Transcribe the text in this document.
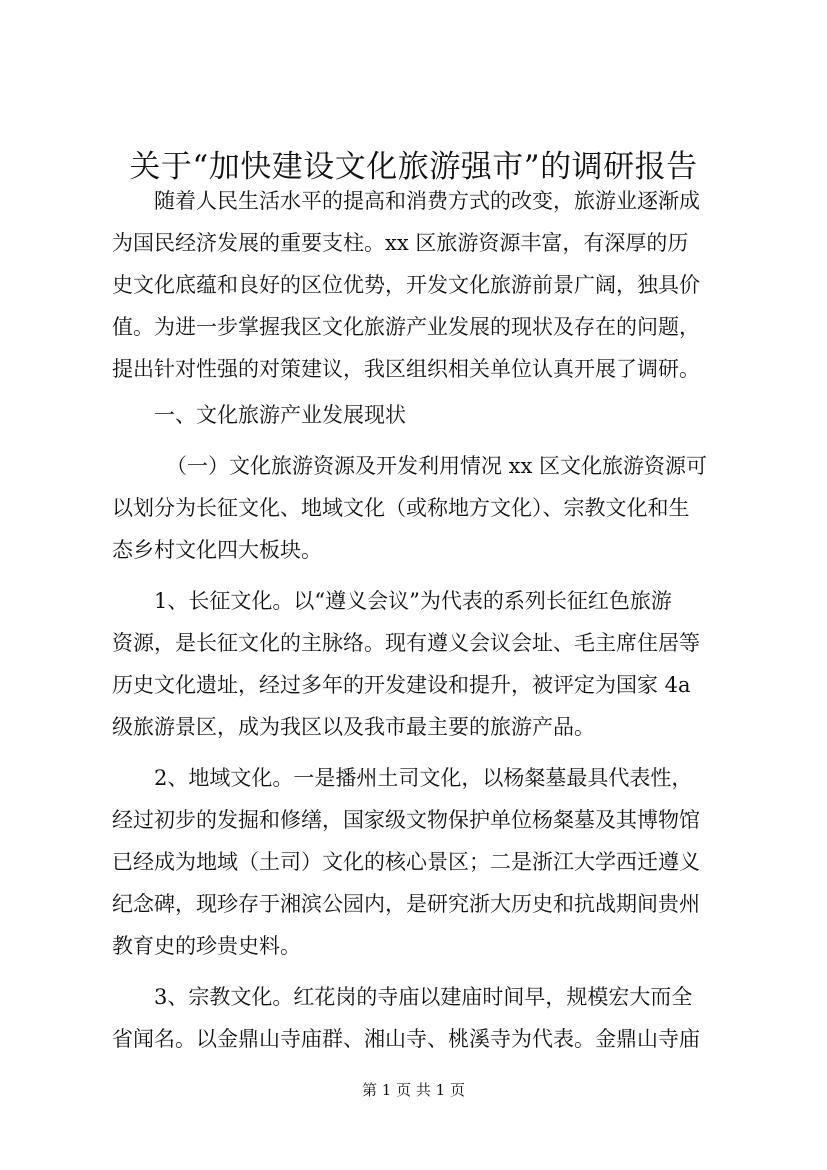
关于“加快建设文化旅游强市”的调研报告
随着人民生活水平的提高和消费方式的改变，旅游业逐渐成
为国民经济发展的重要支柱。xx 区旅游资源丰富，有深厚的历
史文化底蕴和良好的区位优势，开发文化旅游前景广阔，独具价
值。为进一步掌握我区文化旅游产业发展的现状及存在的问题，
提出针对性强的对策建议，我区组织相关单位认真开展了调研。
一、文化旅游产业发展现状
（一）文化旅游资源及开发利用情况 xx 区文化旅游资源可
以划分为长征文化、地域文化（或称地方文化）、宗教文化和生
态乡村文化四大板块。
1、长征文化。以“遵义会议”为代表的系列长征红色旅游
资源，是长征文化的主脉络。现有遵义会议会址、毛主席住居等
历史文化遗址，经过多年的开发建设和提升，被评定为国家 4a
级旅游景区，成为我区以及我市最主要的旅游产品。
2、地域文化。一是播州土司文化，以杨粲墓最具代表性，
经过初步的发掘和修缮，国家级文物保护单位杨粲墓及其博物馆
已经成为地域（土司）文化的核心景区；二是浙江大学西迁遵义
纪念碑，现珍存于湘滨公园内，是研究浙大历史和抗战期间贵州
教育史的珍贵史料。
3、宗教文化。红花岗的寺庙以建庙时间早，规模宏大而全
省闻名。以金鼎山寺庙群、湘山寺、桃溪寺为代表。金鼎山寺庙
第 1 页 共 1 页
